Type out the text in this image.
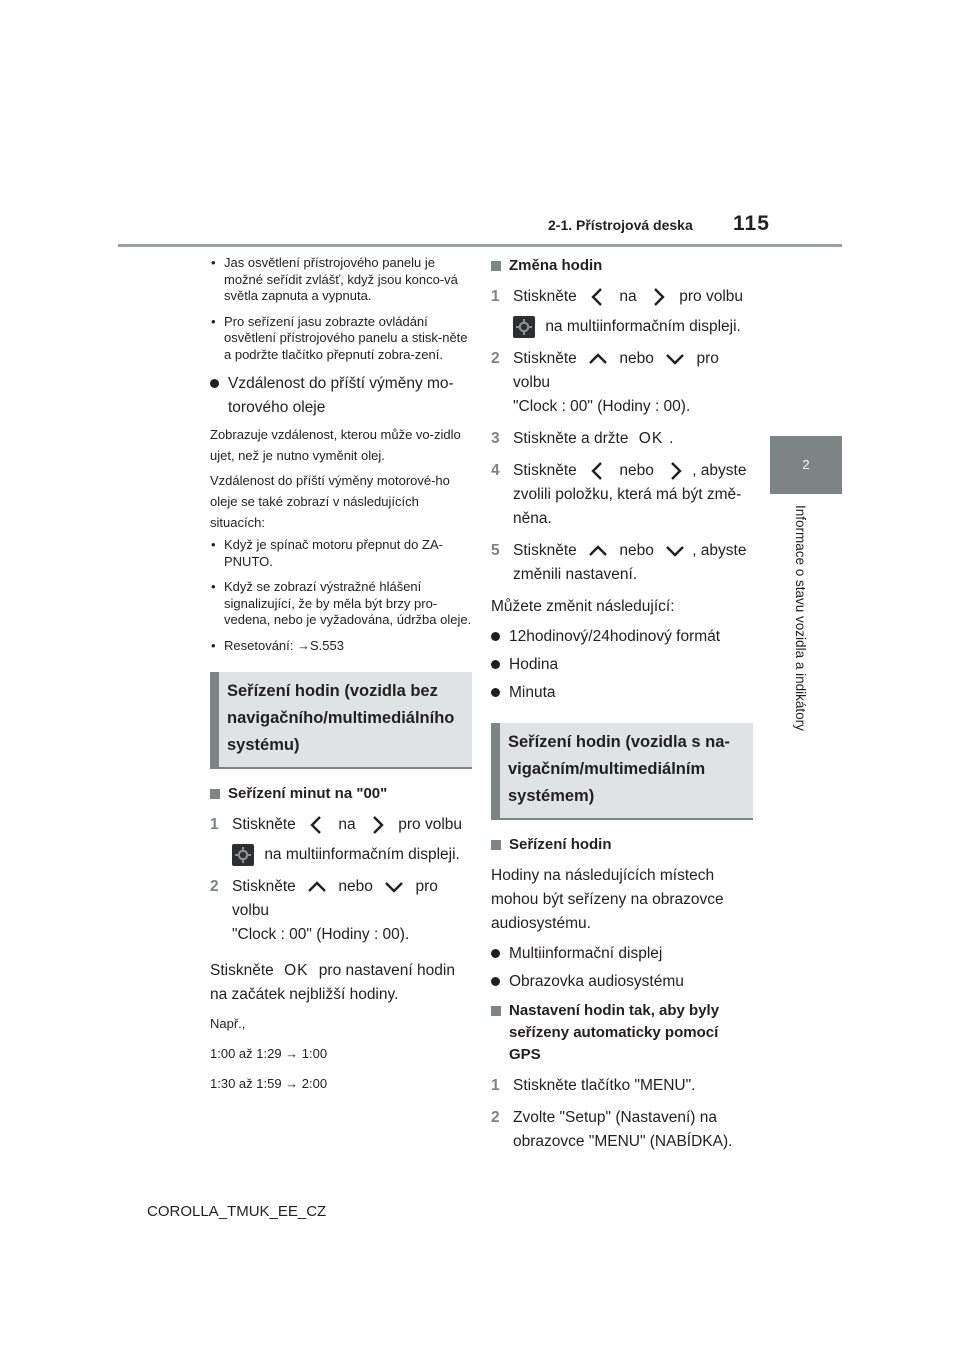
2-1. Přístrojová deska 115
2
Informace o stavu vozidla a indikátory
• Jas osvětlení přístrojového panelu je možné seřídit zvlášť, když jsou konco-vá světla zapnuta a vypnuta.
• Pro seřízení jasu zobrazte ovládání osvětlení přístrojového panelu a stisk-něte a podržte tlačítko přepnutí zobra-zení.
Vzdálenost do příští výměny mo-torového oleje

Zobrazuje vzdálenost, kterou může vo-zidlo ujet, než je nutno vyměnit olej.

Vzdálenost do příští výměny motorové-ho oleje se také zobrazí v následujících situacích:

• Když je spínač motoru přepnut do ZA-PNUTO.
• Když se zobrazí výstražné hlášení signalizující, že by měla být brzy pro-vedena, nebo je vyžadována, údržba oleje.
• Resetování: →S.553
Seřízení hodin (vozidla bez navigačního/multimediálního systému)
Seřízení minut na "00"
1 Stiskněte	na	pro volbu
na multiinformačním displeji.
2 Stiskněte	nebo	pro volbu
"Clock : 00" (Hodiny : 00).

Stiskněte OK pro nastavení hodin
na začátek nejbližší hodiny.

Např.,
1:00 až 1:29 → 1:00
1:30 až 1:59 → 2:00
Změna hodin
1 Stiskněte	na	pro volbu
na multiinformačním displeji.
2 Stiskněte	nebo	pro volbu
"Clock : 00" (Hodiny : 00).
3 Stiskněte a držte OK .
4 Stiskněte	nebo , abyste
zvolili položku, která má být změ-něna.
5 Stiskněte	nebo , abyste
změnili nastavení.

Můžete změnit následující:

12hodinový/24hodinový formát
Hodina
Minuta
Seřízení hodin (vozidla s na-vigačním/multimediálním systémem)
Seřízení hodin

Hodiny na následujících místech mohou být seřízeny na obrazovce audiosystému.

Multiinformační displej
Obrazovka audiosystému
Nastavení hodin tak, aby byly seřízeny automaticky pomocí GPS
1 Stiskněte tlačítko "MENU".
2 Zvolte "Setup" (Nastavení) na obrazovce "MENU" (NABÍDKA).
COROLLA_TMUK_EE_CZ
